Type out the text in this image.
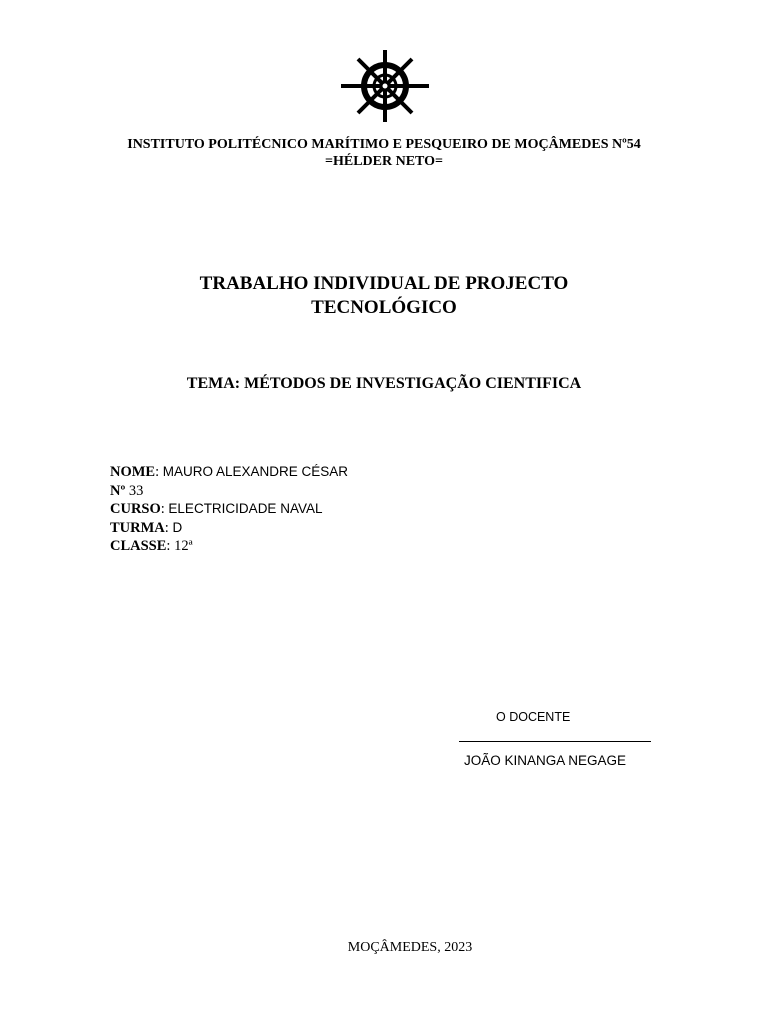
INSTITUTO POLITÉCNICO MARÍTIMO E PESQUEIRO DE MOÇÂMEDES Nº54
=HÉLDER NETO=
TRABALHO INDIVIDUAL DE PROJECTO
TECNOLÓGICO
TEMA: MÉTODOS DE INVESTIGAÇÃO CIENTIFICA
NOME: MAURO ALEXANDRE CÉSAR
Nº 33
CURSO: ELECTRICIDADE NAVAL
TURMA: D
CLASSE: 12ª
O DOCENTE
JOÃO KINANGA NEGAGE
MOÇÂMEDES, 2023
